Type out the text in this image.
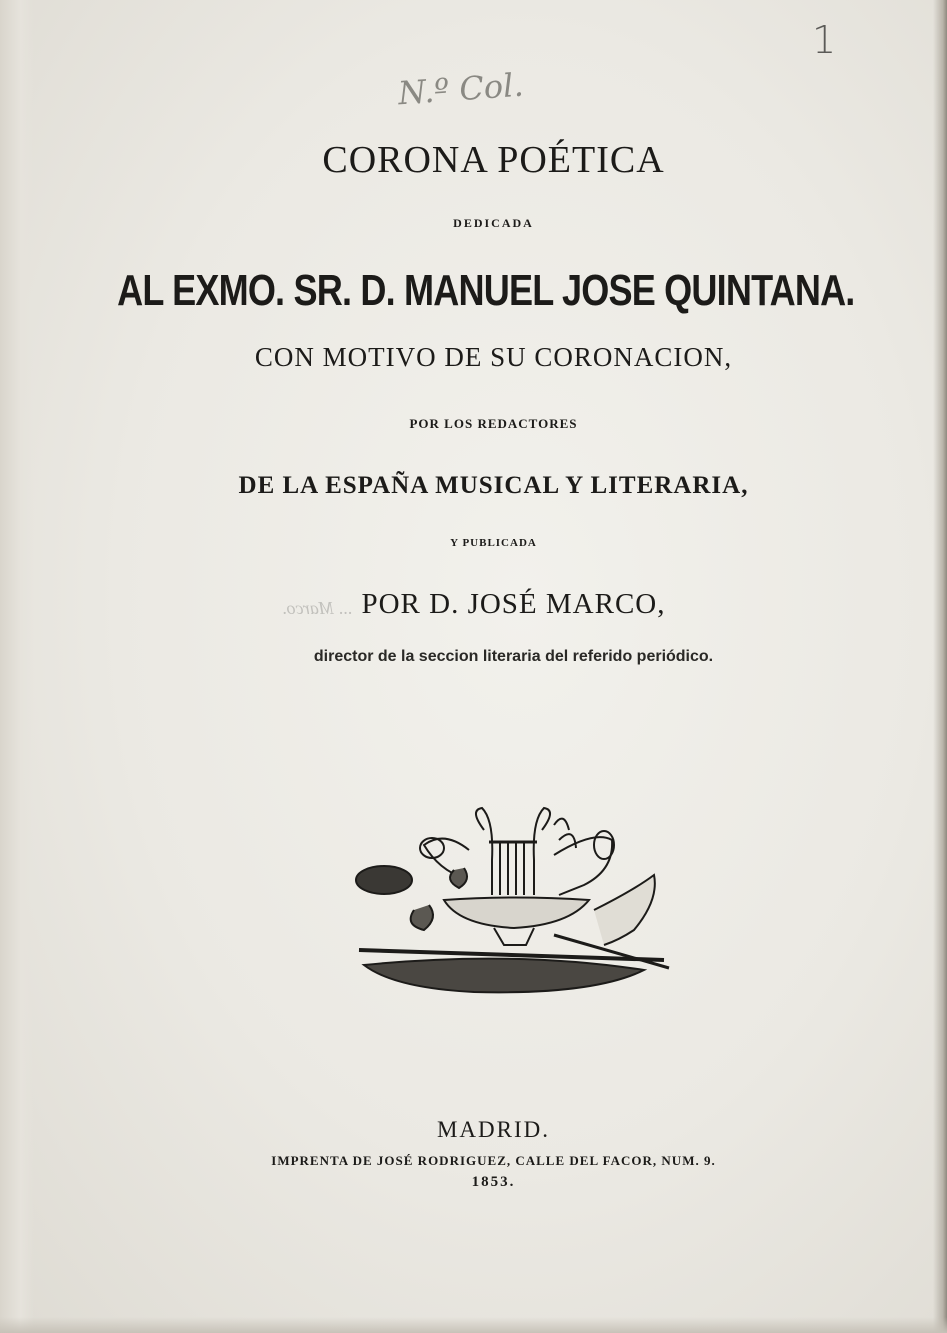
1
N.º Col.
CORONA POÉTICA
DEDICADA
AL EXMO. SR. D. MANUEL JOSE QUINTANA.
CON MOTIVO DE SU CORONACION,
POR LOS REDACTORES
DE LA ESPAÑA MUSICAL Y LITERARIA,
Y PUBLICADA
... Marco. POR D. JOSÉ MARCO,
director de la seccion literaria del referido periódico.
MADRID.
IMPRENTA DE JOSÉ RODRIGUEZ, CALLE DEL FACOR, NUM. 9.
1853.
